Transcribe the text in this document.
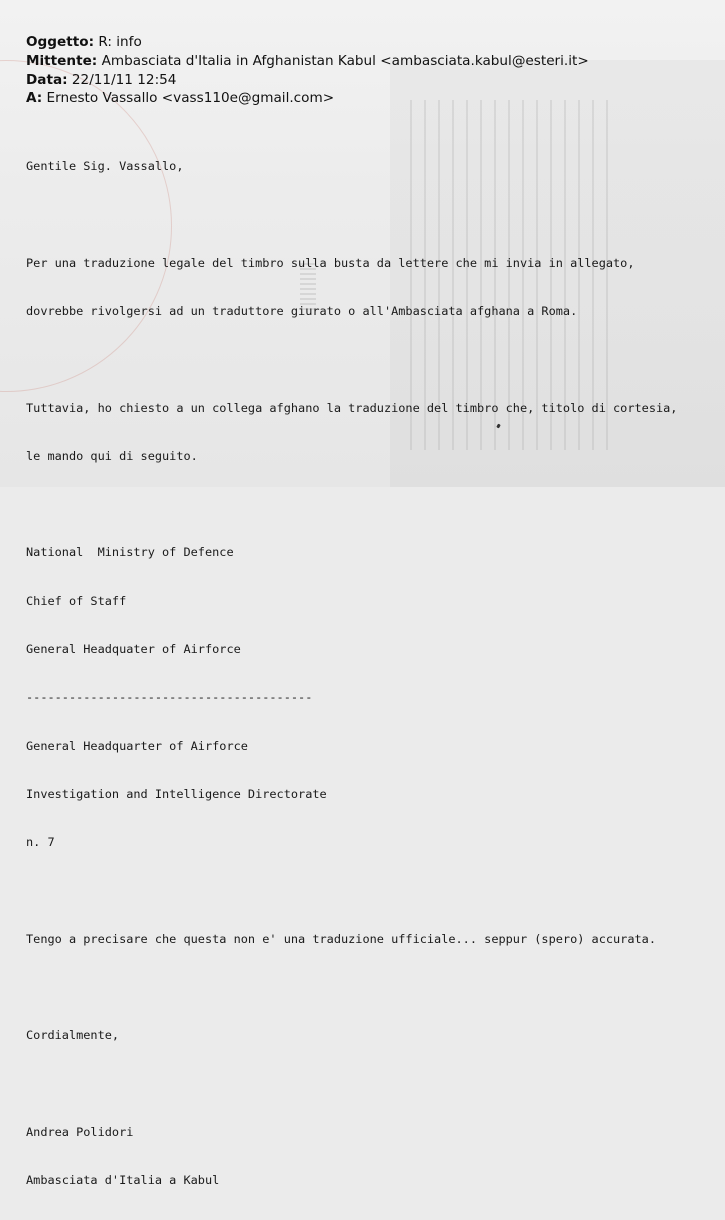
Oggetto: R: info
Mittente: Ambasciata d'Italia in Afghanistan Kabul <ambasciata.kabul@esteri.it>
Data: 22/11/11 12:54
A: Ernesto Vassallo <vass110e@gmail.com>

Gentile Sig. Vassallo,

Per una traduzione legale del timbro sulla busta da lettere che mi invia in allegato,

dovrebbe rivolgersi ad un traduttore giurato o all'Ambasciata afghana a Roma.

Tuttavia, ho chiesto a un collega afghano la traduzione del timbro che, titolo di cortesia,

le mando qui di seguito.

National  Ministry of Defence

Chief of Staff

General Headquater of Airforce

----------------------------------------

General Headquarter of Airforce

Investigation and Intelligence Directorate

n. 7

Tengo a precisare che questa non e' una traduzione ufficiale... seppur (spero) accurata.

Cordialmente,

Andrea Polidori

Ambasciata d'Italia a Kabul
